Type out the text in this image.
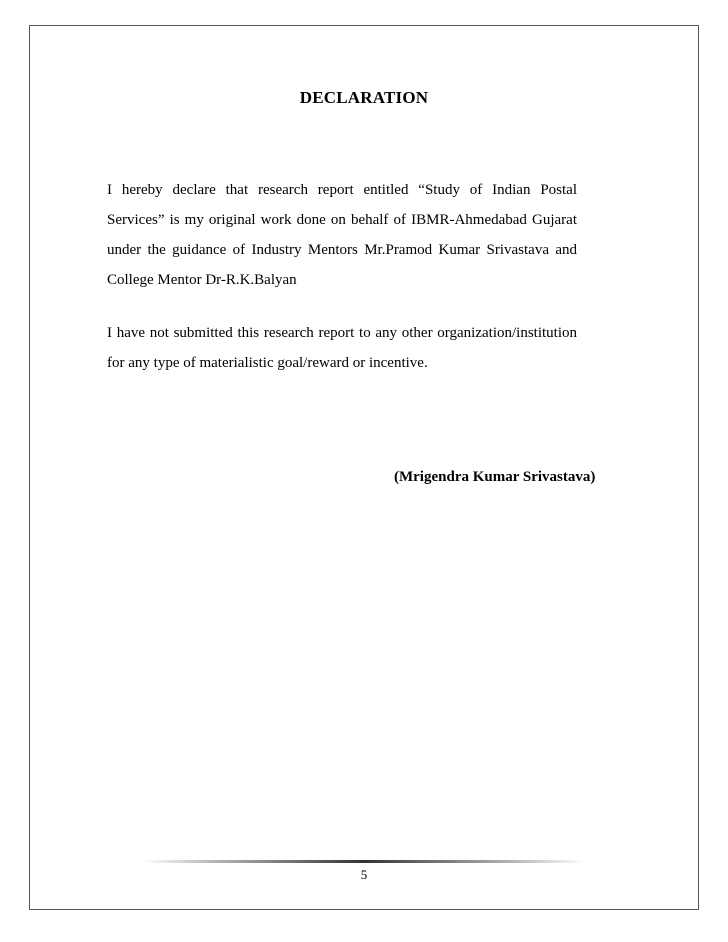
DECLARATION

I hereby declare that research report entitled “Study of Indian Postal Services” is my original work done on behalf of IBMR-Ahmedabad Gujarat under the guidance of Industry Mentors Mr.Pramod Kumar Srivastava and College Mentor Dr-R.K.Balyan

I have not submitted this research report to any other organization/institution for any type of materialistic goal/reward or incentive.

(Mrigendra Kumar Srivastava)

5
